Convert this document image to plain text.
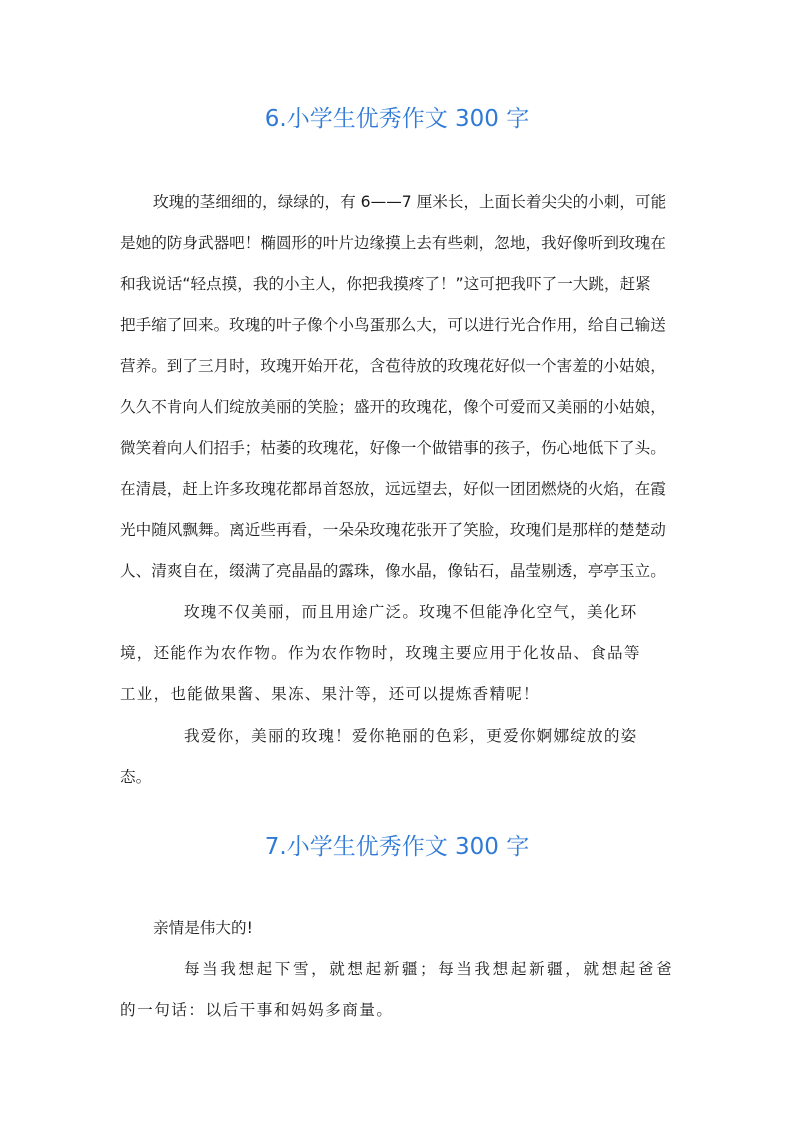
6.小学生优秀作文 300 字

玫瑰的茎细细的，绿绿的，有 6——7 厘米长，上面长着尖尖的小刺，可能

是她的防身武器吧！椭圆形的叶片边缘摸上去有些刺，忽地，我好像听到玫瑰在

和我说话“轻点摸，我的小主人，你把我摸疼了！”这可把我吓了一大跳，赶紧

把手缩了回来。玫瑰的叶子像个小鸟蛋那么大，可以进行光合作用，给自己输送

营养。到了三月时，玫瑰开始开花，含苞待放的玫瑰花好似一个害羞的小姑娘，

久久不肯向人们绽放美丽的笑脸；盛开的玫瑰花，像个可爱而又美丽的小姑娘，

微笑着向人们招手；枯萎的玫瑰花，好像一个做错事的孩子，伤心地低下了头。

在清晨，赶上许多玫瑰花都昂首怒放，远远望去，好似一团团燃烧的火焰，在霞

光中随风飘舞。离近些再看，一朵朵玫瑰花张开了笑脸，玫瑰们是那样的楚楚动

人、清爽自在，缀满了亮晶晶的露珠，像水晶，像钻石，晶莹剔透，亭亭玉立。

玫瑰不仅美丽，而且用途广泛。玫瑰不但能净化空气，美化环

境，还能作为农作物。作为农作物时，玫瑰主要应用于化妆品、食品等

工业，也能做果酱、果冻、果汁等，还可以提炼香精呢！

我爱你，美丽的玫瑰！爱你艳丽的色彩，更爱你婀娜绽放的姿

态。

7.小学生优秀作文 300 字

亲情是伟大的!

每当我想起下雪，就想起新疆；每当我想起新疆，就想起爸爸

的一句话：以后干事和妈妈多商量。
